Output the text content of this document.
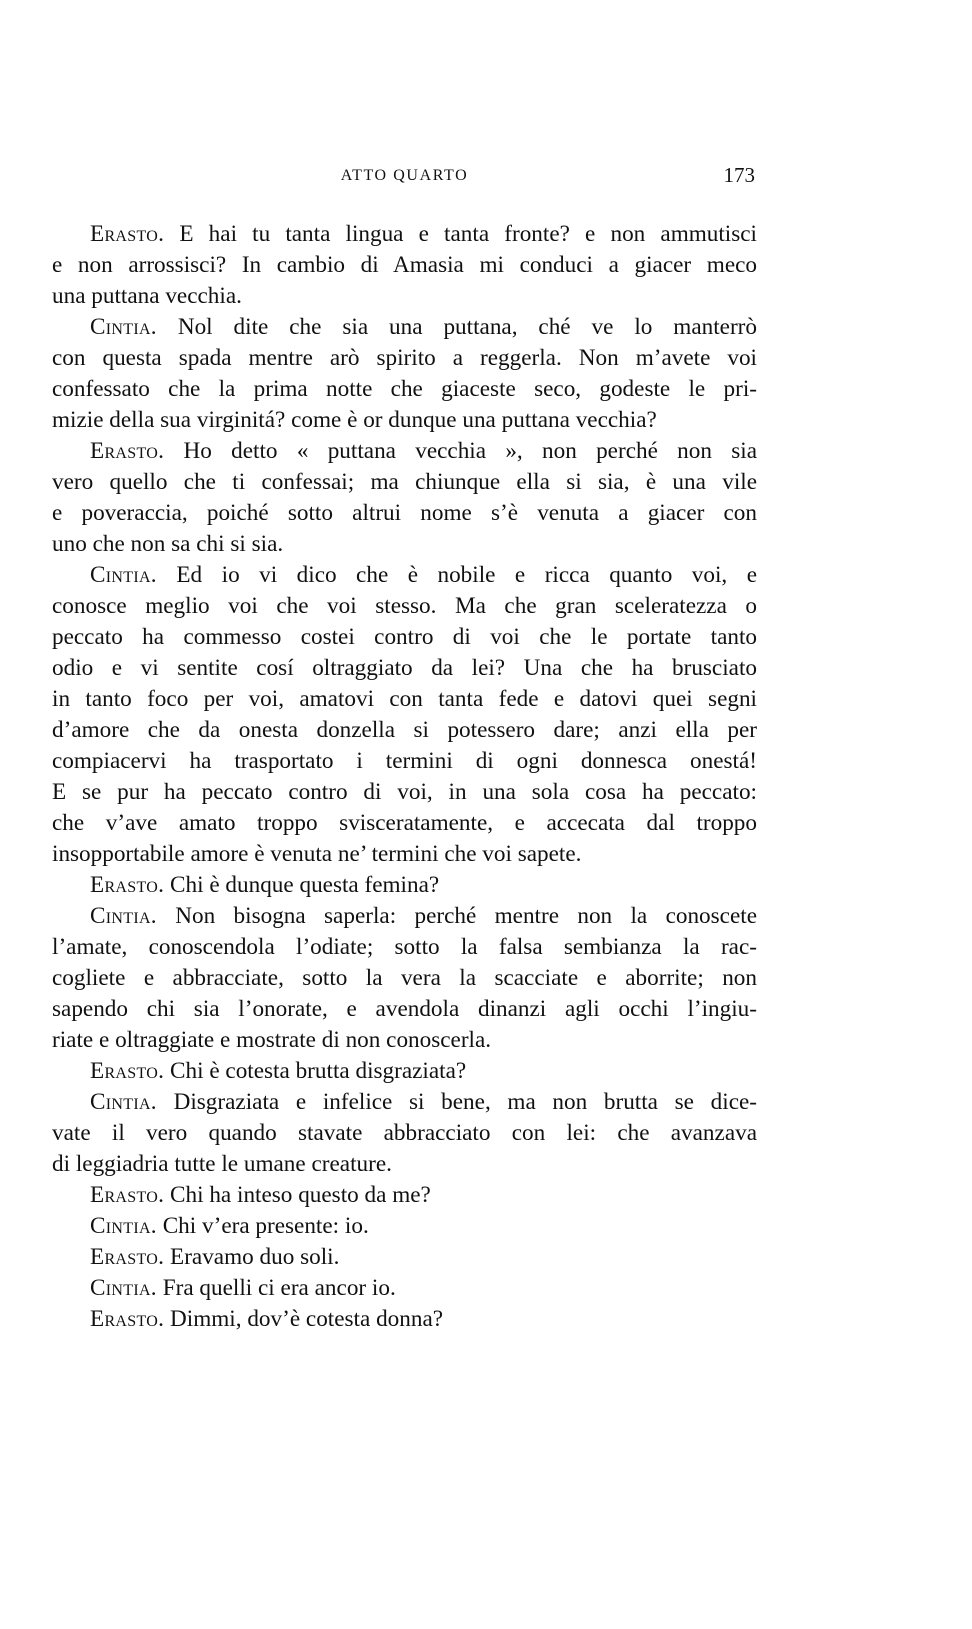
ATTO QUARTO	173
Erasto. E hai tu tanta lingua e tanta fronte? e non ammutisci
e non arrossisci? In cambio di Amasia mi conduci a giacer meco
una puttana vecchia.
Cintia. Nol dite che sia una puttana, ché ve lo manterrò
con questa spada mentre arò spirito a reggerla. Non m’avete voi
confessato che la prima notte che giaceste seco, godeste le pri-
mizie della sua virginitá? come è or dunque una puttana vecchia?
Erasto. Ho detto « puttana vecchia », non perché non sia
vero quello che ti confessai; ma chiunque ella si sia, è una vile
e poveraccia, poiché sotto altrui nome s’è venuta a giacer con
uno che non sa chi si sia.
Cintia. Ed io vi dico che è nobile e ricca quanto voi, e
conosce meglio voi che voi stesso. Ma che gran sceleratezza o
peccato ha commesso costei contro di voi che le portate tanto
odio e vi sentite cosí oltraggiato da lei? Una che ha brusciato
in tanto foco per voi, amatovi con tanta fede e datovi quei segni
d’amore che da onesta donzella si potessero dare; anzi ella per
compiacervi ha trasportato i termini di ogni donnesca onestá!
E se pur ha peccato contro di voi, in una sola cosa ha peccato:
che v’ave amato troppo svisceratamente, e accecata dal troppo
insopportabile amore è venuta ne’ termini che voi sapete.
Erasto. Chi è dunque questa femina?
Cintia. Non bisogna saperla: perché mentre non la conoscete
l’amate, conoscendola l’odiate; sotto la falsa sembianza la rac-
cogliete e abbracciate, sotto la vera la scacciate e aborrite; non
sapendo chi sia l’onorate, e avendola dinanzi agli occhi l’ingiu-
riate e oltraggiate e mostrate di non conoscerla.
Erasto. Chi è cotesta brutta disgraziata?
Cintia. Disgraziata e infelice si bene, ma non brutta se dice-
vate il vero quando stavate abbracciato con lei: che avanzava
di leggiadria tutte le umane creature.
Erasto. Chi ha inteso questo da me?
Cintia. Chi v’era presente: io.
Erasto. Eravamo duo soli.
Cintia. Fra quelli ci era ancor io.
Erasto. Dimmi, dov’è cotesta donna?
